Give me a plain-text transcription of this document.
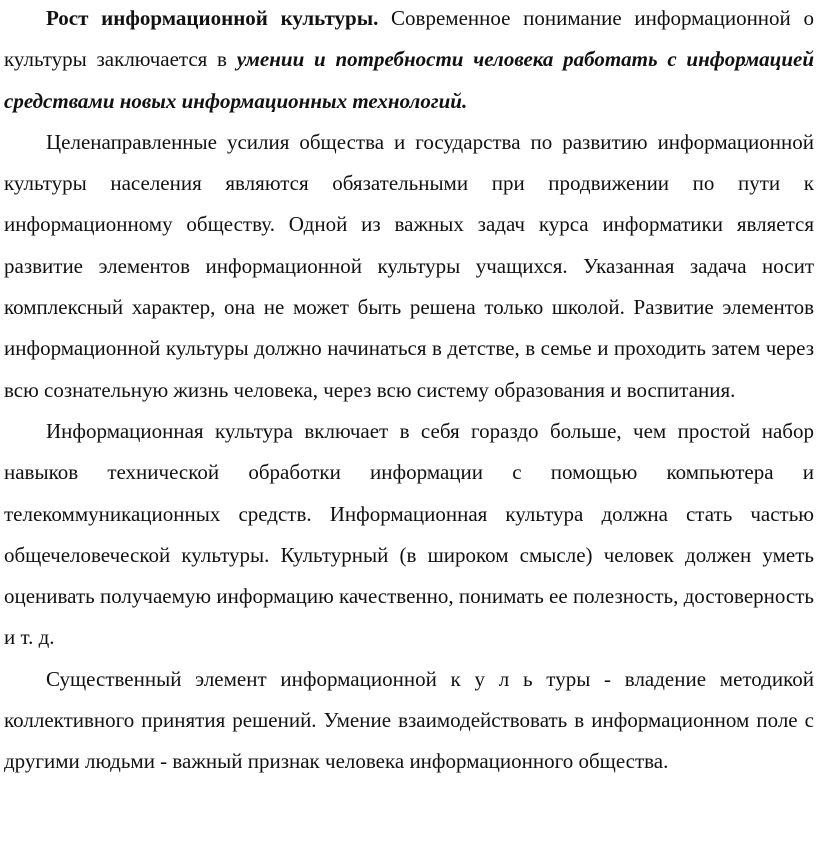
Рост информационной культуры. Современное понимание информационной о культуры заключается в умении и потребности человека работать с информацией средствами новых информационных технологий.

Целенаправленные усилия общества и государства по развитию информационной культуры населения являются обязательными при продвижении по пути к информационному обществу. Одной из важных задач курса информатики является развитие элементов информационной культуры учащихся. Указанная задача носит комплексный характер, она не может быть решена только школой. Развитие элементов информационной культуры должно начинаться в детстве, в семье и проходить затем через всю сознательную жизнь человека, через всю систему образования и воспитания.

Информационная культура включает в себя гораздо больше, чем простой набор навыков технической обработки информации с помощью компьютера и телекоммуникационных средств. Информационная культура должна стать частью общечеловеческой культуры. Культурный (в широком смысле) человек должен уметь оценивать получаемую информацию качественно, понимать ее полезность, достоверность и т. д.

Существенный элемент информационной к у л ь туры - владение методикой коллективного принятия решений. Умение взаимодействовать в информационном поле с другими людьми - важный признак человека информационного общества.
